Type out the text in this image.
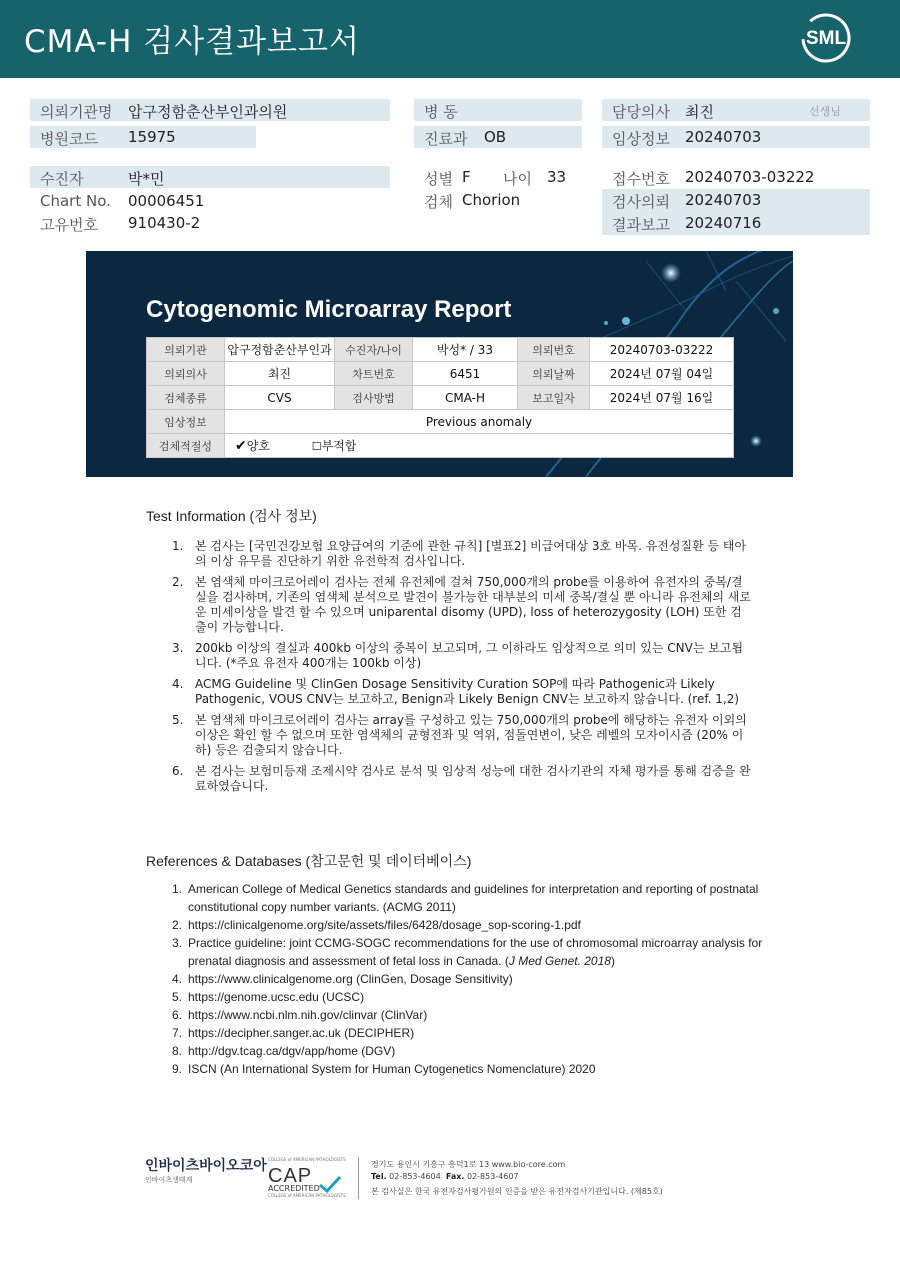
CMA-H 검사결과보고서	SML
의뢰기관명 압구정함춘산부인과의원
병원코드 15975
병 동
진료과 OB
담당의사 최진	선생님
임상정보 20240703
수진자	박*민
Chart No. 00006451
고유번호 910430-2
성별 F 나이 33
검체 Chorion
접수번호 20240703-03222
검사의뢰 20240703
결과보고 20240716
Cytogenomic Microarray Report
의뢰기관	압구정함춘산부인과	수진자/나이	박성* / 33	의뢰번호	20240703-03222
의뢰의사	최진	차트번호	6451	의뢰날짜	2024년 07월 04일
검체종류	CVS	검사방법	CMA-H	보고일자	2024년 07월 16일
임상정보	Previous anomaly				
검체적절성	✔양호 ☐부적합				
Test Information (검사 정보)
1. 본 검사는 [국민건강보험 요양급여의 기준에 관한 규칙] [별표2] 비급여대상 3호 바목. 유전성질환 등 태아의 이상 유무를 진단하기 위한 유전학적 검사입니다.
2. 본 염색체 마이크로어레이 검사는 전체 유전체에 걸쳐 750,000개의 probe를 이용하여 유전자의 중복/결실을 검사하며, 기존의 염색체 분석으로 발견이 불가능한 대부분의 미세 중복/결실 뿐 아니라 유전체의 새로운 미세이상을 발견 할 수 있으며 uniparental disomy (UPD), loss of heterozygosity (LOH) 또한 검출이 가능합니다.
3. 200kb 이상의 결실과 400kb 이상의 중복이 보고되며, 그 이하라도 임상적으로 의미 있는 CNV는 보고됩니다. (*주요 유전자 400개는 100kb 이상)
4. ACMG Guideline 및 ClinGen Dosage Sensitivity Curation SOP에 따라 Pathogenic과 Likely Pathogenic, VOUS CNV는 보고하고, Benign과 Likely Benign CNV는 보고하지 않습니다. (ref. 1,2)
5. 본 염색체 마이크로어레이 검사는 array를 구성하고 있는 750,000개의 probe에 해당하는 유전자 이외의 이상은 확인 할 수 없으며 또한 염색체의 균형전좌 및 역위, 점돌연변이, 낮은 레벨의 모자이시즘 (20% 이하) 등은 검출되지 않습니다.
6. 본 검사는 보험미등재 조제시약 검사로 분석 및 임상적 성능에 대한 검사기관의 자체 평가를 통해 검증을 완료하였습니다.
References & Databases (참고문헌 및 데이터베이스)
1. American College of Medical Genetics standards and guidelines for interpretation and reporting of postnatal constitutional copy number variants. (ACMG 2011)
2. https://clinicalgenome.org/site/assets/files/6428/dosage_sop-scoring-1.pdf
3. Practice guideline: joint CCMG-SOGC recommendations for the use of chromosomal microarray analysis for prenatal diagnosis and assessment of fetal loss in Canada. (J Med Genet. 2018)
4. https://www.clinicalgenome.org (ClinGen, Dosage Sensitivity)
5. https://genome.ucsc.edu (UCSC)
6. https://www.ncbi.nlm.nih.gov/clinvar (ClinVar)
7. https://decipher.sanger.ac.uk (DECIPHER)
8. http://dgv.tcag.ca/dgv/app/home (DGV)
9. ISCN (An International System for Human Cytogenetics Nomenclature) 2020
인바이츠바이오코아
인바이츠생태계
COLLEGE of AMERICAN PATHOLOGISTS
CAP
ACCREDITED
COLLEGE of AMERICAN PATHOLOGISTS
경기도 용인시 기흥구 흥덕1로 13 www.bio-core.com
Tel. 02-853-4604 Fax. 02-853-4607
본 검사실은 한국 유전자검사평가원의 인증을 받은 유전자검사기관입니다. (제85호)
